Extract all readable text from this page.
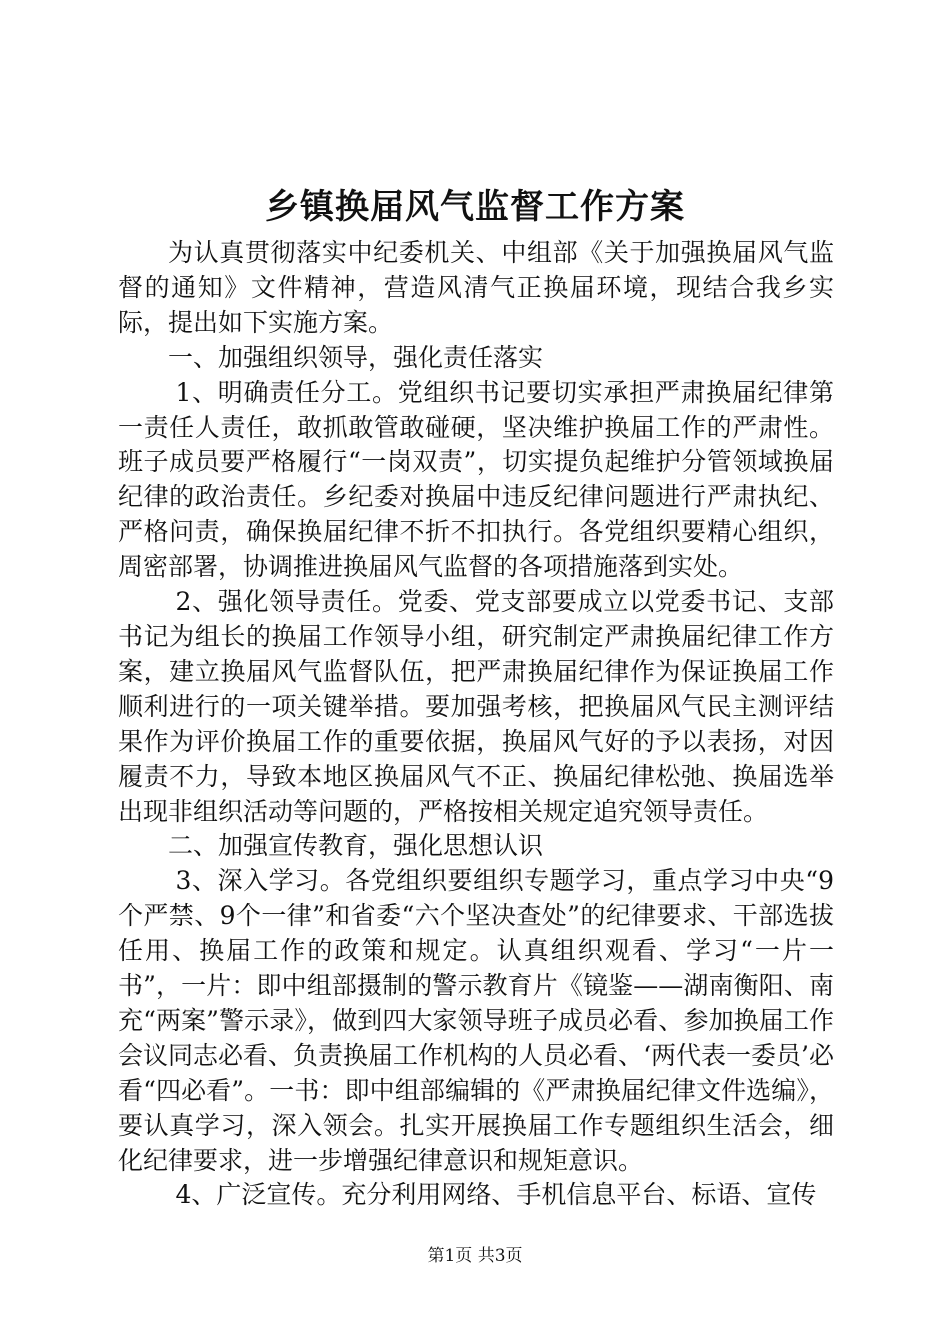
乡镇换届风气监督工作方案

为认真贯彻落实中纪委机关、中组部《关于加强换届风气监督的通知》文件精神，营造风清气正换届环境，现结合我乡实际，提出如下实施方案。

一、加强组织领导，强化责任落实

1、明确责任分工。党组织书记要切实承担严肃换届纪律第一责任人责任，敢抓敢管敢碰硬，坚决维护换届工作的严肃性。班子成员要严格履行“一岗双责”，切实提负起维护分管领域换届纪律的政治责任。乡纪委对换届中违反纪律问题进行严肃执纪、严格问责，确保换届纪律不折不扣执行。各党组织要精心组织，周密部署，协调推进换届风气监督的各项措施落到实处。

2、强化领导责任。党委、党支部要成立以党委书记、支部书记为组长的换届工作领导小组，研究制定严肃换届纪律工作方案，建立换届风气监督队伍，把严肃换届纪律作为保证换届工作顺利进行的一项关键举措。要加强考核，把换届风气民主测评结果作为评价换届工作的重要依据，换届风气好的予以表扬，对因履责不力，导致本地区换届风气不正、换届纪律松弛、换届选举出现非组织活动等问题的，严格按相关规定追究领导责任。

二、加强宣传教育，强化思想认识

3、深入学习。各党组织要组织专题学习，重点学习中央“9个严禁、9个一律”和省委“六个坚决查处”的纪律要求、干部选拔任用、换届工作的政策和规定。认真组织观看、学习“一片一书”，一片：即中组部摄制的警示教育片《镜鉴——湖南衡阳、南充“两案”警示录》，做到四大家领导班子成员必看、参加换届工作会议同志必看、负责换届工作机构的人员必看、‘两代表一委员’必看“四必看”。一书：即中组部编辑的《严肃换届纪律文件选编》，要认真学习，深入领会。扎实开展换届工作专题组织生活会，细化纪律要求，进一步增强纪律意识和规矩意识。

4、广泛宣传。充分利用网络、手机信息平台、标语、宣传

第1页 共3页
